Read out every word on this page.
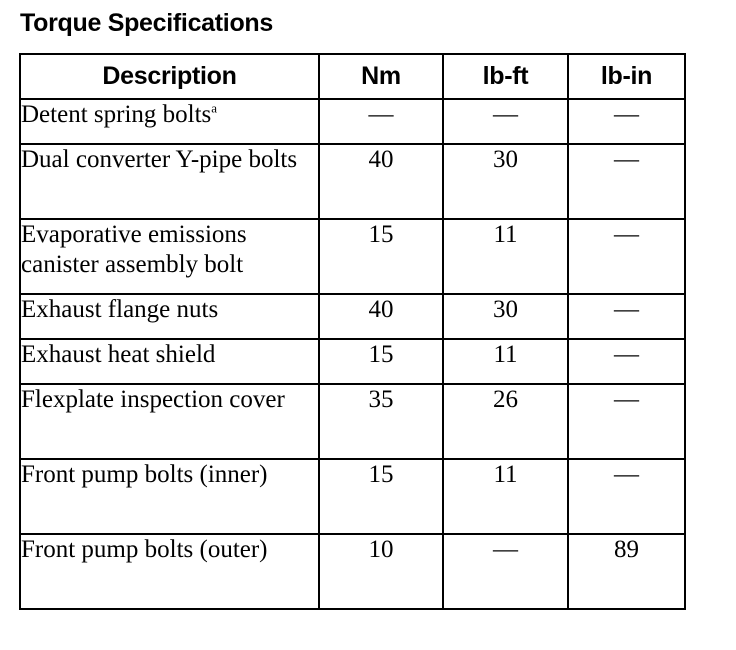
Torque Specifications
Description	Nm	lb-ft	lb-in
Detent spring bolts$^a$	—	—	—
Dual converter Y-pipe bolts	40	30	—
Evaporative emissions canister assembly bolt	15	11	—
Exhaust flange nuts	40	30	—
Exhaust heat shield	15	11	—
Flexplate inspection cover	35	26	—
Front pump bolts (inner)	15	11	—
Front pump bolts (outer)	10	—	89
